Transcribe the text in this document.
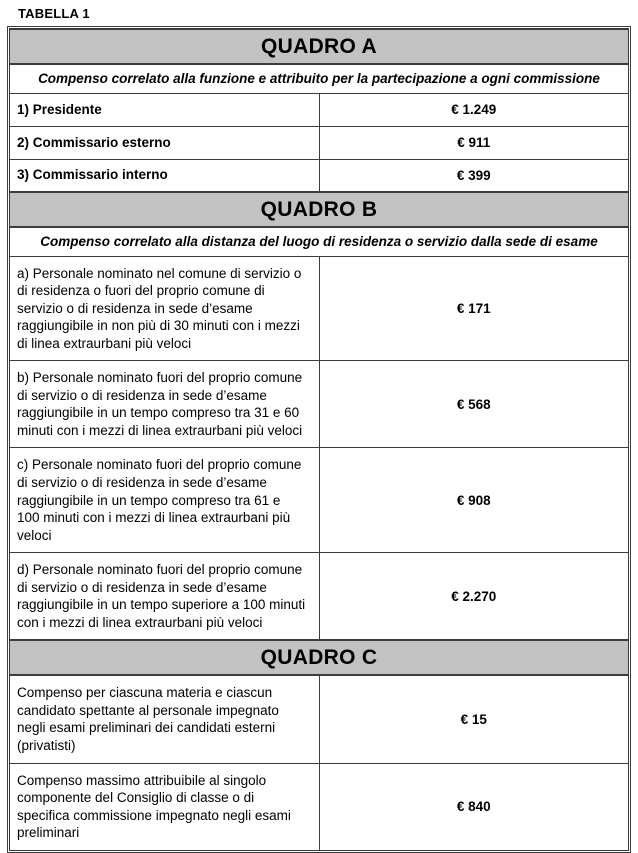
TABELLA 1
QUADRO A	
Compenso correlato alla funzione e attribuito per la partecipazione a ogni commissione	
1) Presidente	€ 1.249
2) Commissario esterno	€ 911
3) Commissario interno	€ 399
QUADRO B	
Compenso correlato alla distanza del luogo di residenza o servizio dalla sede di esame	
a) Personale nominato nel comune di servizio o di residenza o fuori del proprio comune di servizio o di residenza in sede d’esame raggiungibile in non più di 30 minuti con i mezzi di linea extraurbani più veloci	€ 171
b) Personale nominato fuori del proprio comune di servizio o di residenza in sede d’esame raggiungibile in un tempo compreso tra 31 e 60 minuti con i mezzi di linea extraurbani più veloci	€ 568
c) Personale nominato fuori del proprio comune di servizio o di residenza in sede d’esame raggiungibile in un tempo compreso tra 61 e 100 minuti con i mezzi di linea extraurbani più veloci	€ 908
d) Personale nominato fuori del proprio comune di servizio o di residenza in sede d’esame raggiungibile in un tempo superiore a 100 minuti con i mezzi di linea extraurbani più veloci	€ 2.270
QUADRO C	
Compenso per ciascuna materia e ciascun candidato spettante al personale impegnato negli esami preliminari dei candidati esterni (privatisti)	€ 15
Compenso massimo attribuibile al singolo componente del Consiglio di classe o di specifica commissione impegnato negli esami preliminari	€ 840
